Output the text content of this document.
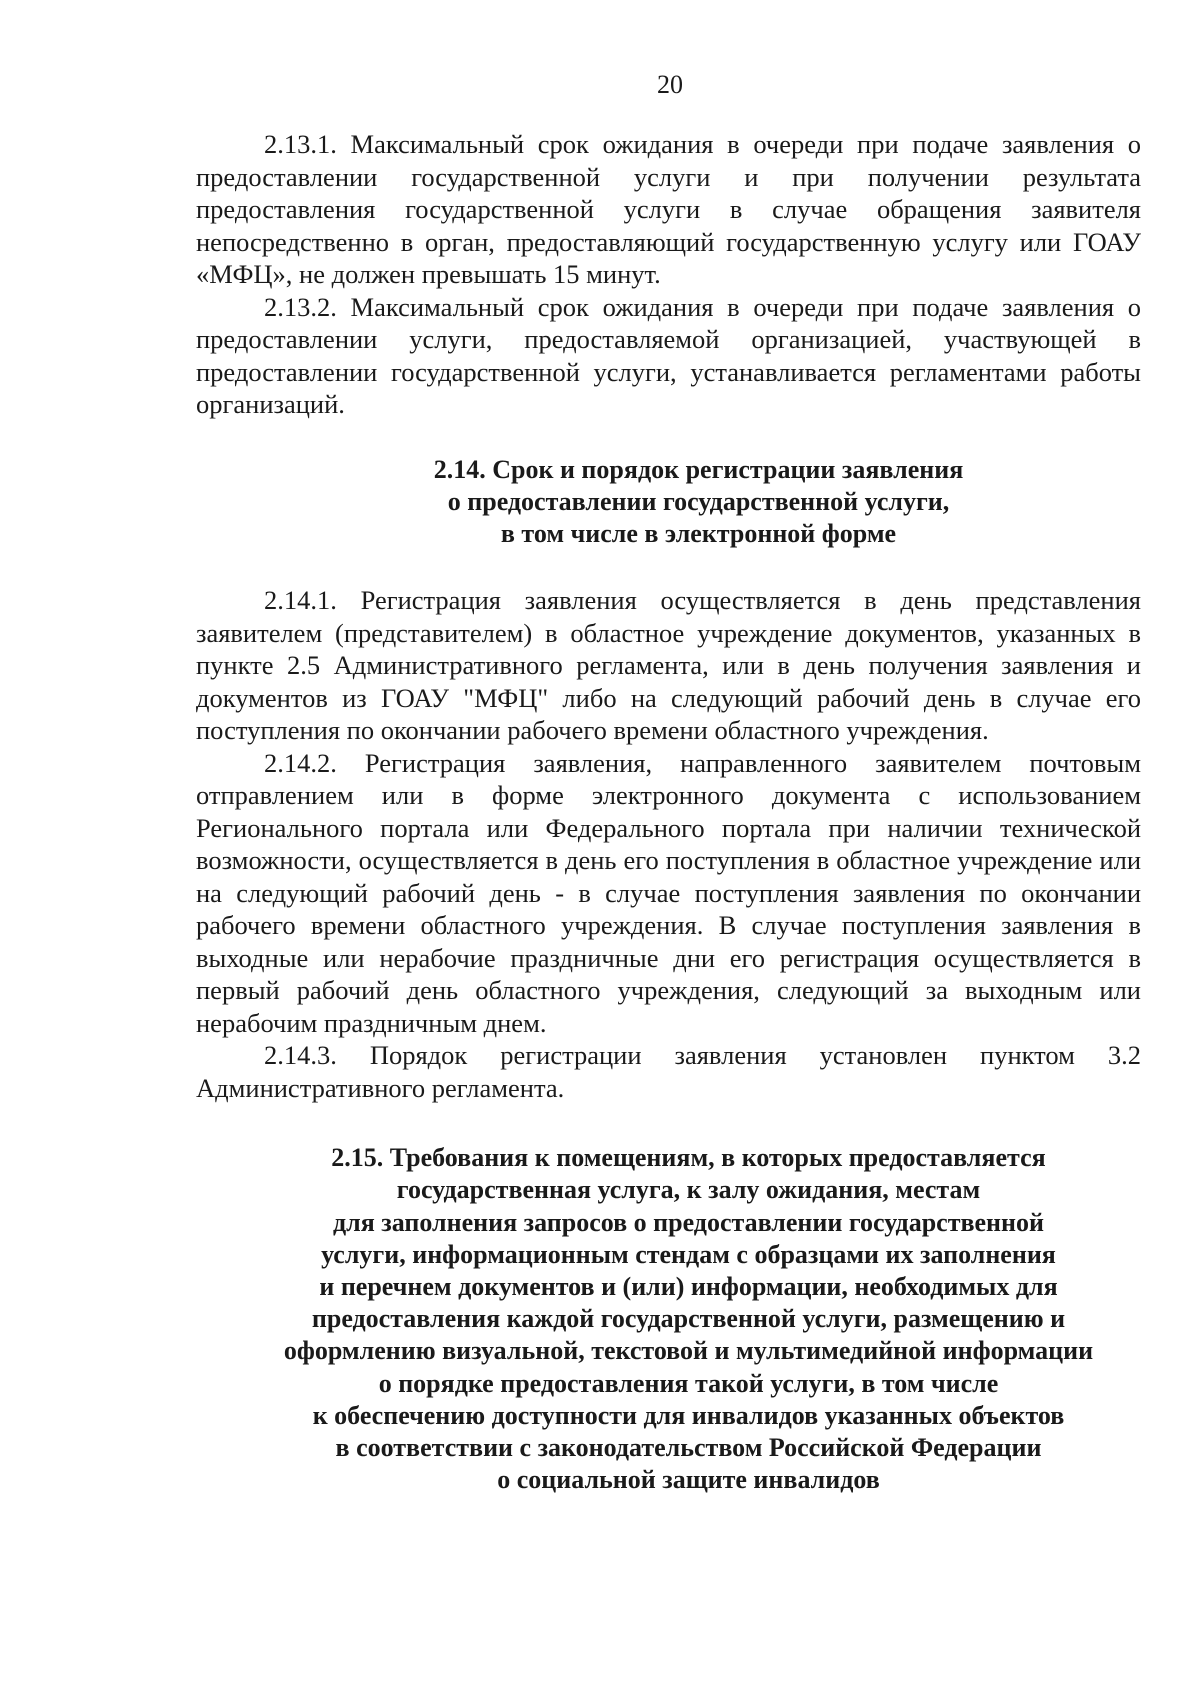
20

2.13.1. Максимальный срок ожидания в очереди при подаче заявления о предоставлении государственной услуги и при получении результата предоставления государственной услуги в случае обращения заявителя непосредственно в орган, предоставляющий государственную услугу или ГОАУ «МФЦ», не должен превышать 15 минут.

2.13.2. Максимальный срок ожидания в очереди при подаче заявления о предоставлении услуги, предоставляемой организацией, участвующей в предоставлении государственной услуги, устанавливается регламентами работы организаций.

2.14. Срок и порядок регистрации заявления
о предоставлении государственной услуги,
в том числе в электронной форме

2.14.1. Регистрация заявления осуществляется в день представления заявителем (представителем) в областное учреждение документов, указанных в пункте 2.5 Административного регламента, или в день получения заявления и документов из ГОАУ "МФЦ" либо на следующий рабочий день в случае его поступления по окончании рабочего времени областного учреждения.

2.14.2. Регистрация заявления, направленного заявителем почтовым отправлением или в форме электронного документа с использованием Регионального портала или Федерального портала при наличии технической возможности, осуществляется в день его поступления в областное учреждение или на следующий рабочий день - в случае поступления заявления по окончании рабочего времени областного учреждения. В случае поступления заявления в выходные или нерабочие праздничные дни его регистрация осуществляется в первый рабочий день областного учреждения, следующий за выходным или нерабочим праздничным днем.

2.14.3. Порядок регистрации заявления установлен пунктом 3.2 Административного регламента.

2.15. Требования к помещениям, в которых предоставляется
государственная услуга, к залу ожидания, местам
для заполнения запросов о предоставлении государственной
услуги, информационным стендам с образцами их заполнения
и перечнем документов и (или) информации, необходимых для
предоставления каждой государственной услуги, размещению и
оформлению визуальной, текстовой и мультимедийной информации
о порядке предоставления такой услуги, в том числе
к обеспечению доступности для инвалидов указанных объектов
в соответствии с законодательством Российской Федерации
о социальной защите инвалидов
